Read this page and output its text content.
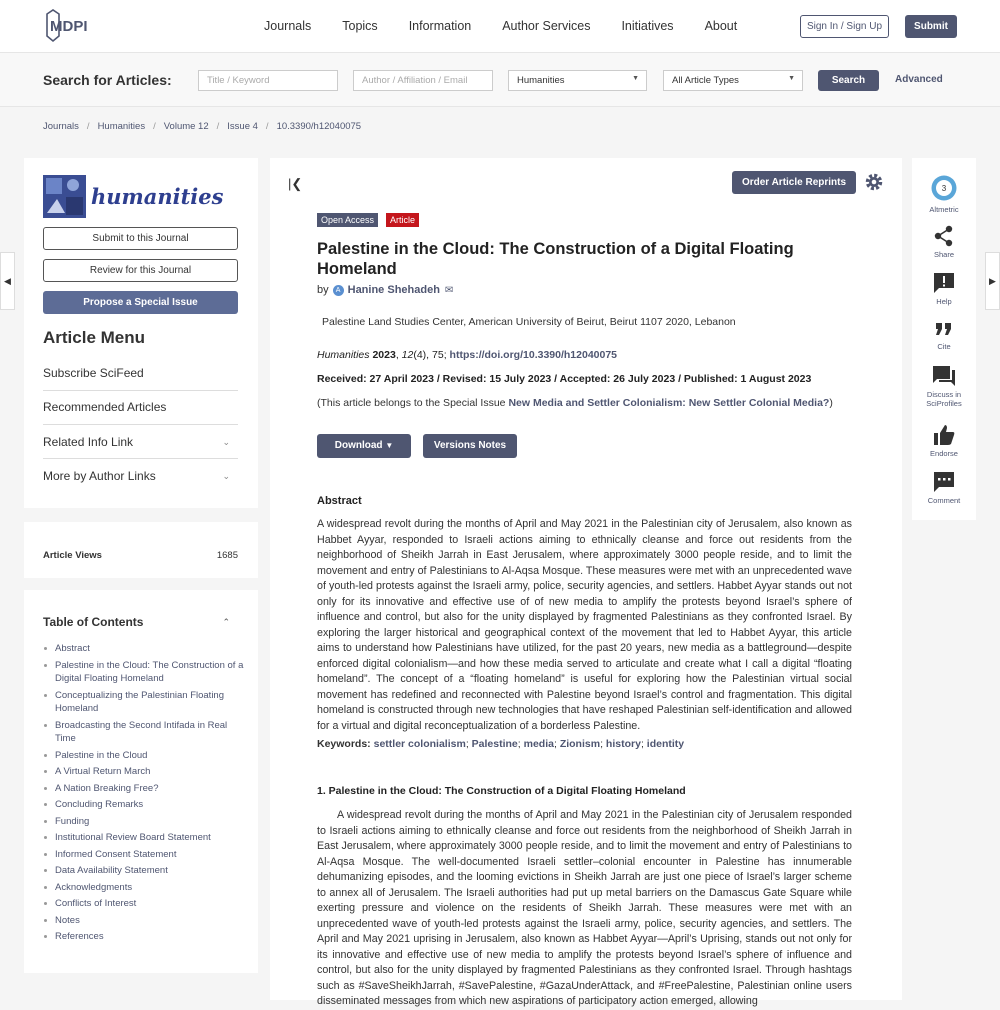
MDPI	Journals Topics Information Author Services Initiatives About	Sign In / Sign Up	Submit
Search for Articles:	Title / Keyword	Author / Affiliation / Email	Humanities	▼	All Article Types	▼	Search	Advanced
Journals / Humanities / Volume 12 / Issue 4 / 10.3390/h12040075
◀	▶
humanities
Submit to this Journal
Review for this Journal
Propose a Special Issue
Article Menu
Subscribe SciFeed
Recommended Articles
Related Info Link	⌄
More by Author Links	⌄
Article Views	1685
Table of Contents	⌃
Abstract
Palestine in the Cloud: The Construction of a Digital Floating Homeland
Conceptualizing the Palestinian Floating Homeland
Broadcasting the Second Intifada in Real Time
Palestine in the Cloud
A Virtual Return March
A Nation Breaking Free?
Concluding Remarks
Funding
Institutional Review Board Statement
Informed Consent Statement
Data Availability Statement
Acknowledgments
Conflicts of Interest
Notes
References
|❮	Order Article Reprints
Open Access	Article
Palestine in the Cloud: The Construction of a Digital Floating Homeland
by	A Hanine Shehadeh ✉
Palestine Land Studies Center, American University of Beirut, Beirut 1107 2020, Lebanon
Humanities 2023, 12(4), 75; https://doi.org/10.3390/h12040075
Received: 27 April 2023 / Revised: 15 July 2023 / Accepted: 26 July 2023 / Published: 1 August 2023
(This article belongs to the Special Issue New Media and Settler Colonialism: New Settler Colonial Media?)
Download ▼	Versions Notes
Abstract
A widespread revolt during the months of April and May 2021 in the Palestinian city of Jerusalem, also known as Habbet Ayyar, responded to Israeli actions aiming to ethnically cleanse and force out residents from the neighborhood of Sheikh Jarrah in East Jerusalem, where approximately 3000 people reside, and to limit the movement and entry of Palestinians to Al-Aqsa Mosque. These measures were met with an unprecedented wave of youth-led protests against the Israeli army, police, security agencies, and settlers. Habbet Ayyar stands out not only for its innovative and effective use of of new media to amplify the protests beyond Israel’s sphere of influence and control, but also for the unity displayed by fragmented Palestinians as they confronted Israel. By exploring the larger historical and geographical context of the movement that led to Habbet Ayyar, this article aims to understand how Palestinians have utilized, for the past 20 years, new media as a battleground—despite enforced digital colonialism—and how these media served to articulate and create what I call a digital “floating homeland”. The concept of a “floating homeland” is useful for exploring how the Palestinian virtual social movement has redefined and reconnected with Palestine beyond Israel’s control and fragmentation. This digital homeland is constructed through new technologies that have reshaped Palestinian self-identification and allowed for a virtual and digital reconceptualization of a borderless Palestine.
Keywords: settler colonialism; Palestine; media; Zionism; history; identity
1. Palestine in the Cloud: The Construction of a Digital Floating Homeland
A widespread revolt during the months of April and May 2021 in the Palestinian city of Jerusalem responded to Israeli actions aiming to ethnically cleanse and force out residents from the neighborhood of Sheikh Jarrah in East Jerusalem, where approximately 3000 people reside, and to limit the movement and entry of Palestinians to Al-Aqsa Mosque. The well-documented Israeli settler–colonial encounter in Palestine has innumerable dehumanizing episodes, and the looming evictions in Sheikh Jarrah are just one piece of Israel’s larger scheme to annex all of Jerusalem. The Israeli authorities had put up metal barriers on the Damascus Gate Square while exerting pressure and violence on the residents of Sheikh Jarrah. These measures were met with an unprecedented wave of youth-led protests against the Israeli army, police, security agencies, and settlers. The April and May 2021 uprising in Jerusalem, also known as Habbet Ayyar—April’s Uprising, stands out not only for its innovative and effective use of new media to amplify the protests beyond Israel’s sphere of influence and control, but also for the unity displayed by fragmented Palestinians as they confronted Israel. Through hashtags such as #SaveSheikhJarrah, #SavePalestine, #GazaUnderAttack, and #FreePalestine, Palestinian online users disseminated messages from which new aspirations of participatory action emerged, allowing
3
Altmetric
Share
Help
Cite
Discuss in SciProfiles
Endorse
Comment
